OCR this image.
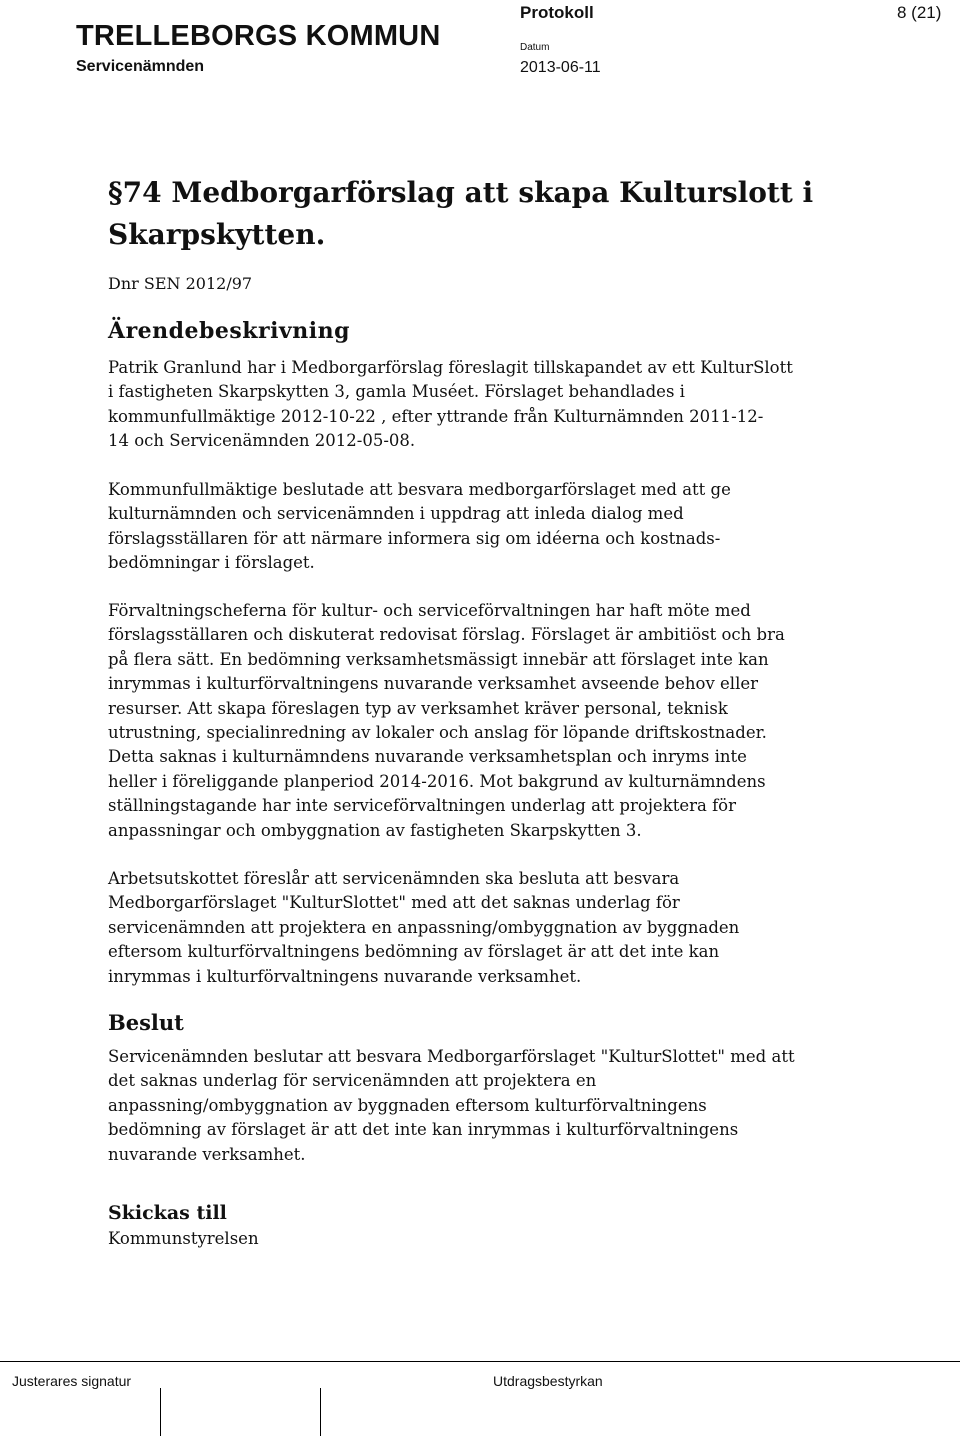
TRELLEBORGS KOMMUN
Servicenämnden
Protokoll	8 (21)
Datum
2013-06-11
§74 Medborgarförslag att skapa Kulturslott i
Skarpskytten.
Dnr SEN 2012/97
Ärendebeskrivning
Patrik Granlund har i Medborgarförslag föreslagit tillskapandet av ett KulturSlott
i fastigheten Skarpskytten 3, gamla Muséet. Förslaget behandlades i
kommunfullmäktige 2012-10-22 , efter yttrande från Kulturnämnden 2011-12-
14 och Servicenämnden 2012-05-08.
Kommunfullmäktige beslutade att besvara medborgarförslaget med att ge
kulturnämnden och servicenämnden i uppdrag att inleda dialog med
förslagsställaren för att närmare informera sig om idéerna och kostnads-
bedömningar i förslaget.
Förvaltningscheferna för kultur- och serviceförvaltningen har haft möte med
förslagsställaren och diskuterat redovisat förslag. Förslaget är ambitiöst och bra
på flera sätt. En bedömning verksamhetsmässigt innebär att förslaget inte kan
inrymmas i kulturförvaltningens nuvarande verksamhet avseende behov eller
resurser. Att skapa föreslagen typ av verksamhet kräver personal, teknisk
utrustning, specialinredning av lokaler och anslag för löpande driftskostnader.
Detta saknas i kulturnämndens nuvarande verksamhetsplan och inryms inte
heller i föreliggande planperiod 2014-2016. Mot bakgrund av kulturnämndens
ställningstagande har inte serviceförvaltningen underlag att projektera för
anpassningar och ombyggnation av fastigheten Skarpskytten 3.
Arbetsutskottet föreslår att servicenämnden ska besluta att besvara
Medborgarförslaget "KulturSlottet" med att det saknas underlag för
servicenämnden att projektera en anpassning/ombyggnation av byggnaden
eftersom kulturförvaltningens bedömning av förslaget är att det inte kan
inrymmas i kulturförvaltningens nuvarande verksamhet.
Beslut
Servicenämnden beslutar att besvara Medborgarförslaget "KulturSlottet" med att
det saknas underlag för servicenämnden att projektera en
anpassning/ombyggnation av byggnaden eftersom kulturförvaltningens
bedömning av förslaget är att det inte kan inrymmas i kulturförvaltningens
nuvarande verksamhet.
Skickas till
Kommunstyrelsen
Justerares signatur	Utdragsbestyrkan
